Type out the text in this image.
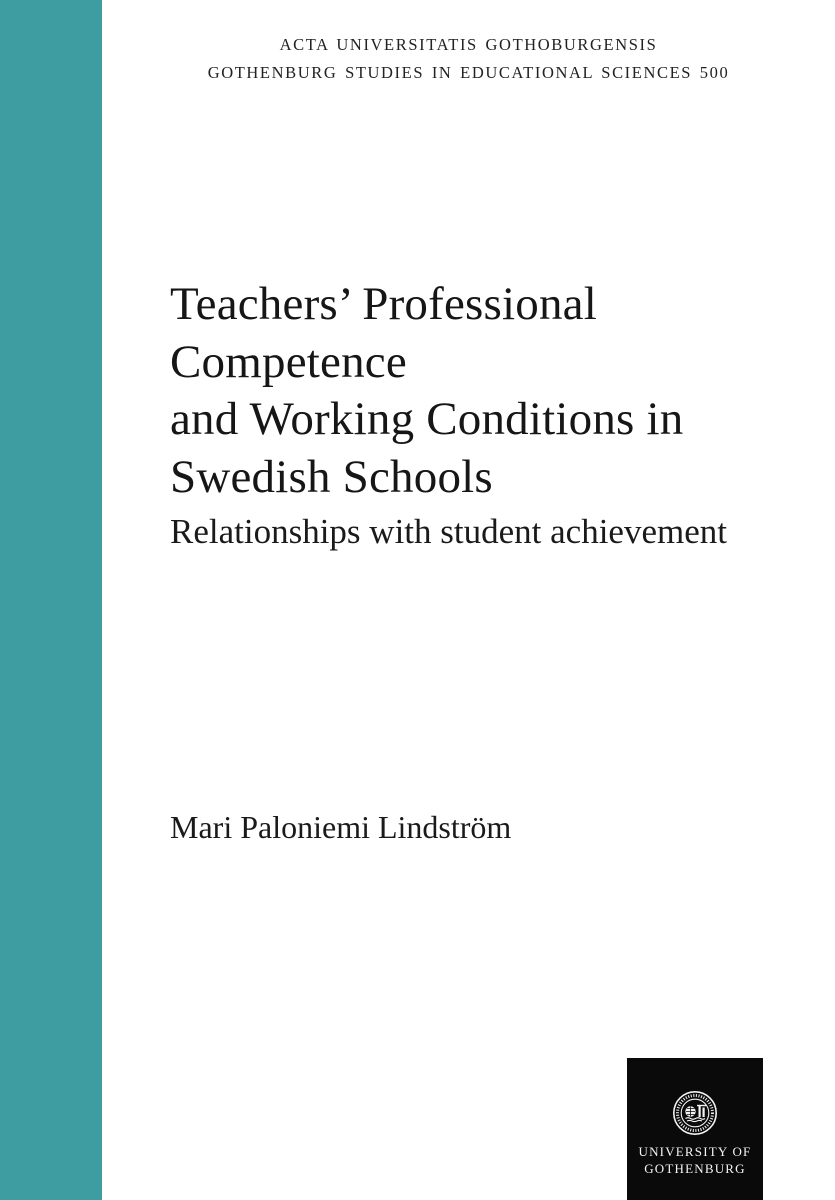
ACTA UNIVERSITATIS GOTHOBURGENSIS
GOTHENBURG STUDIES IN EDUCATIONAL SCIENCES 500
Teachers’ Professional Competence
and Working Conditions in
Swedish Schools
Relationships with student achievement
Mari Paloniemi Lindström
UNIVERSITY OF
GOTHENBURG
